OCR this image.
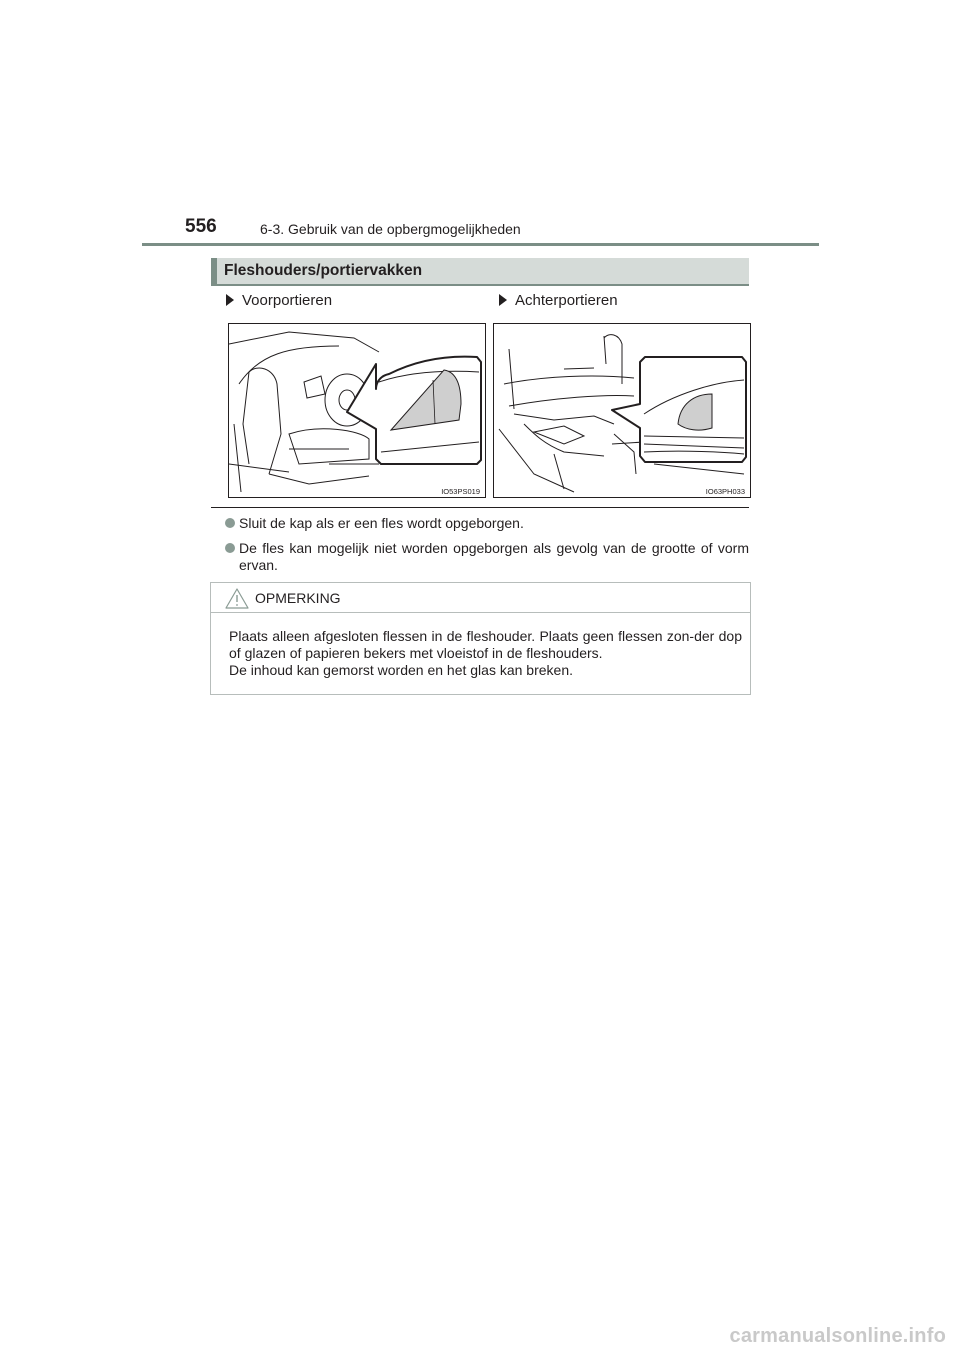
556	6-3. Gebruik van de opbergmogelijkheden
Fleshouders/portiervakken
Voorportieren	Achterportieren
IO53PS019	IO63PH033
Sluit de kap als er een fles wordt opgeborgen.
De fles kan mogelijk niet worden opgeborgen als gevolg van de grootte of vorm ervan.
OPMERKING

Plaats alleen afgesloten flessen in de fleshouder. Plaats geen flessen zon-der dop of glazen of papieren bekers met vloeistof in de fleshouders.

De inhoud kan gemorst worden en het glas kan breken.

carmanualsonline.info
